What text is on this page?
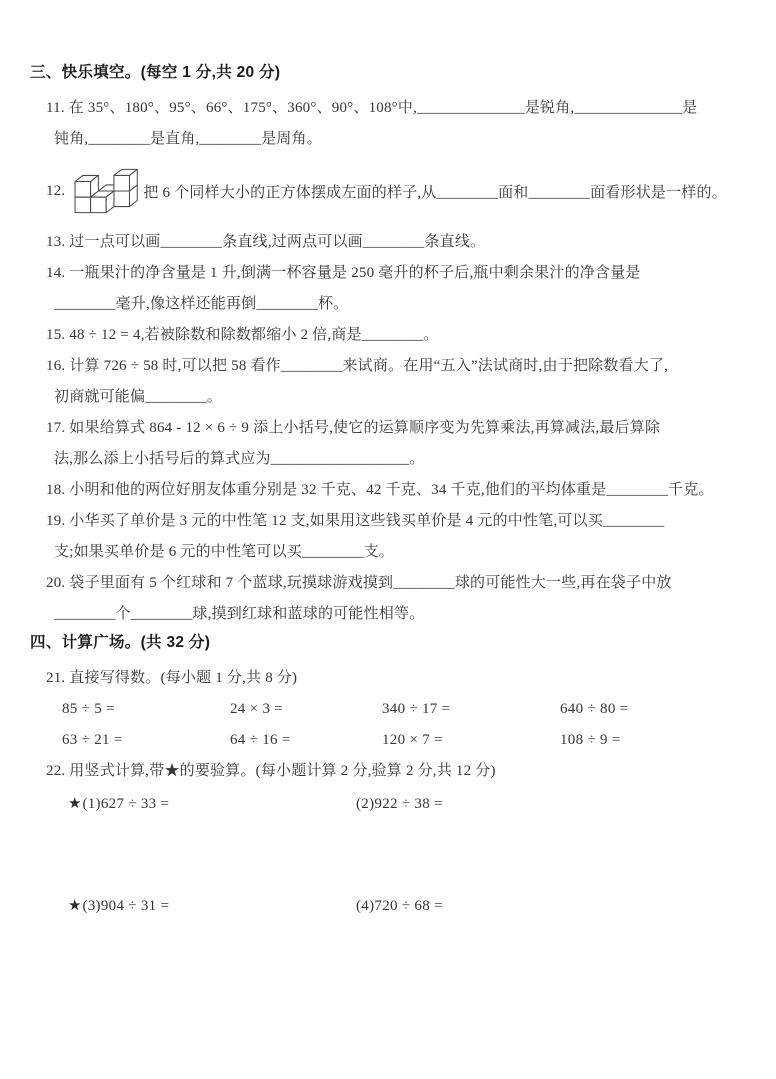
三、快乐填空。(每空 1 分,共 20 分)
11. 在 35°、180°、95°、66°、175°、360°、90°、108°中,______________是锐角,______________是
钝角,________是直角,________是周角。
12.	把 6 个同样大小的正方体摆成左面的样子,从________面和________面看形状是一样的。
13. 过一点可以画________条直线,过两点可以画________条直线。
14. 一瓶果汁的净含量是 1 升,倒满一杯容量是 250 毫升的杯子后,瓶中剩余果汁的净含量是
________毫升,像这样还能再倒________杯。
15. 48 ÷ 12 = 4,若被除数和除数都缩小 2 倍,商是________。
16. 计算 726 ÷ 58 时,可以把 58 看作________来试商。在用“五入”法试商时,由于把除数看大了,
初商就可能偏________。
17. 如果给算式 864 - 12 × 6 ÷ 9 添上小括号,使它的运算顺序变为先算乘法,再算减法,最后算除
法,那么添上小括号后的算式应为__________________。
18. 小明和他的两位好朋友体重分别是 32 千克、42 千克、34 千克,他们的平均体重是________千克。
19. 小华买了单价是 3 元的中性笔 12 支,如果用这些钱买单价是 4 元的中性笔,可以买________
支;如果买单价是 6 元的中性笔可以买________支。
20. 袋子里面有 5 个红球和 7 个蓝球,玩摸球游戏摸到________球的可能性大一些,再在袋子中放
________个________球,摸到红球和蓝球的可能性相等。
四、计算广场。(共 32 分)
21. 直接写得数。(每小题 1 分,共 8 分)
85 ÷ 5 =	24 × 3 =	340 ÷ 17 =	640 ÷ 80 =
63 ÷ 21 =	64 ÷ 16 =	120 × 7 =	108 ÷ 9 =
22. 用竖式计算,带★的要验算。(每小题计算 2 分,验算 2 分,共 12 分)
★(1)627 ÷ 33 =	(2)922 ÷ 38 =
★(3)904 ÷ 31 =	(4)720 ÷ 68 =
